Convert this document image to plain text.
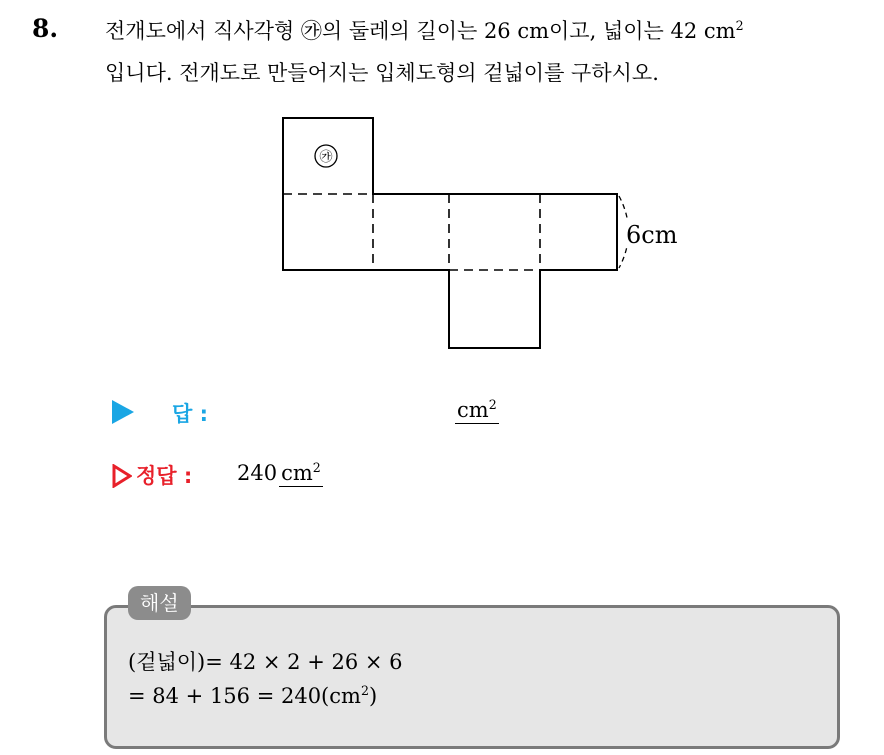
8. 전개도에서 직사각형 ㉮의 둘레의 길이는 26 cm이고, 넓이는 42 $cm^2$
입니다. 전개도로 만들어지는 입체도형의 겉넓이를 구하시오.
㉮
6cm
답 :	$cm^2$
정답 : 240 $cm^2$
해설
(겉넓이)= 42 × 2 + 26 × 6
= $84 + 156 = 240(cm^2)$
